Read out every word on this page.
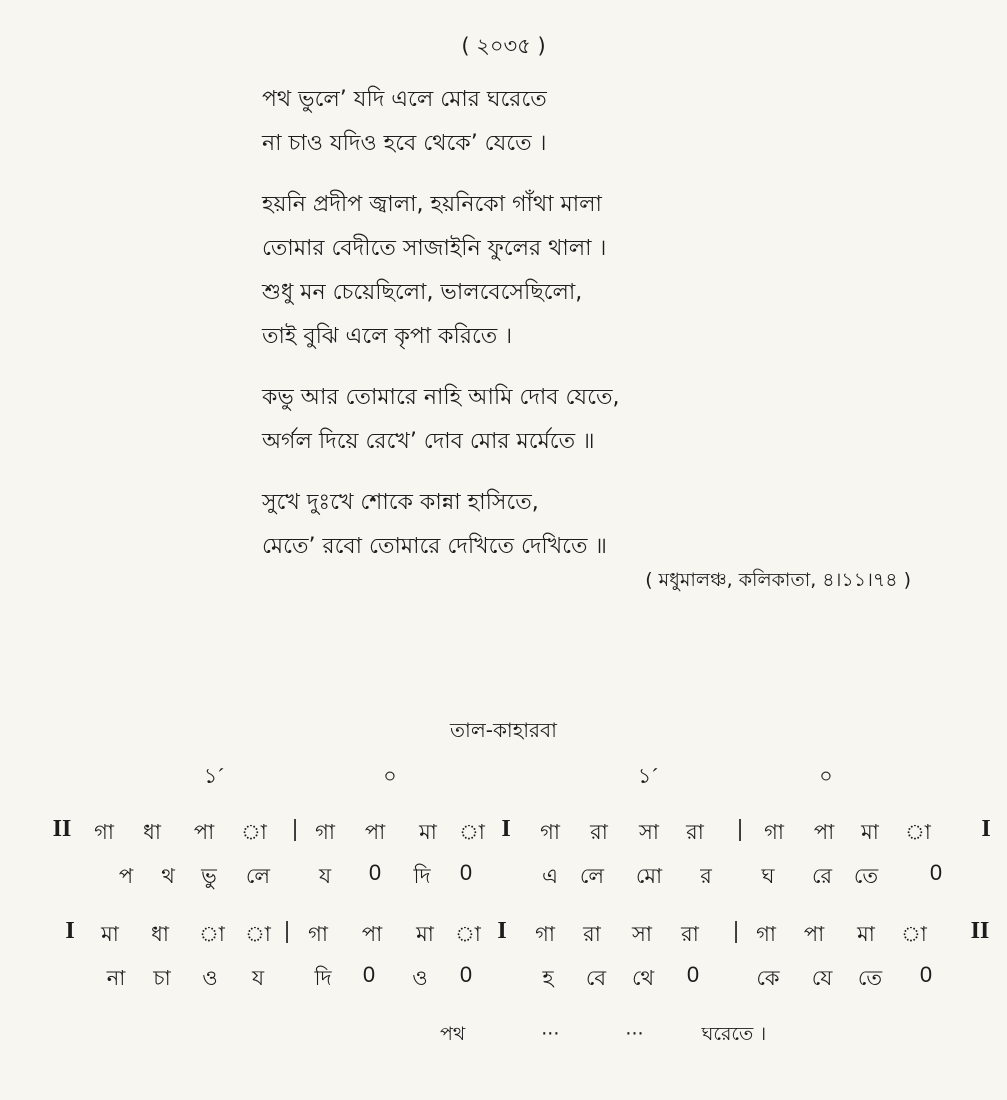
( ২০৩৫ )
পথ ভুলে’ যদি এলে মোর ঘরেতে
না চাও যদিও হবে থেকে’ যেতে ।
হয়নি প্রদীপ জ্বালা, হয়নিকো গাঁথা মালা
তোমার বেদীতে সাজাইনি ফুলের থালা ।
শুধু মন চেয়েছিলো, ভালবেসেছিলো,
তাই বুঝি এলে কৃপা করিতে ।
কভু আর তোমারে নাহি আমি দোব যেতে,
অর্গল দিয়ে রেখে’ দোব মোর মর্মেতে ॥
সুখে দুঃখে শোকে কান্না হাসিতে,
মেতে’ রবো তোমারে দেখিতে দেখিতে ॥
( মধুমালঞ্চ, কলিকাতা, ৪।১১।৭৪ )
তাল-কাহারবা
১´	০	১´	০
II গা ধা পা া | গা পা মা া I গা রা সা রা | গা পা মা া I
প থ ভু লে য 0 দি 0	এ লে মো র ঘ রে তে 0
I মা ধা া া | গা পা মা া I গা রা সা রা | গা পা মা া II
না চা ও য দি 0 ও 0	হ বে থে 0	কে যে তে 0
পথ	···	···	ঘরেতে ।
